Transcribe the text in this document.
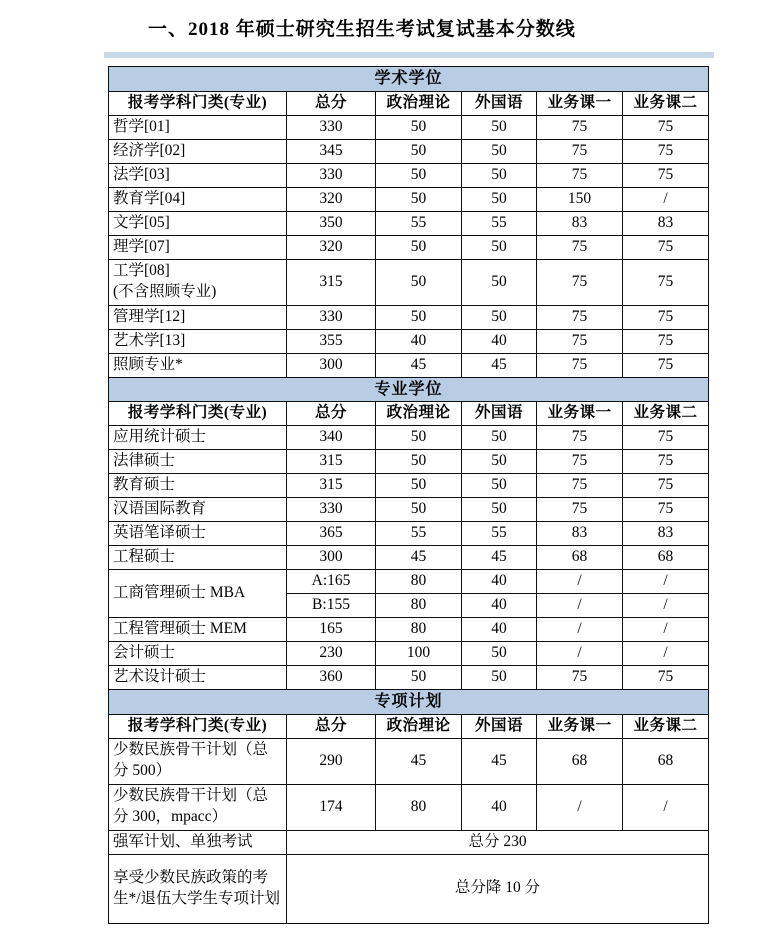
一、2018 年硕士研究生招生考试复试基本分数线
学术学位					
报考学科门类(专业)	总分	政治理论	外国语	业务课一	业务课二
哲学[01]	330	50	50	75	75
经济学[02]	345	50	50	75	75
法学[03]	330	50	50	75	75
教育学[04]	320	50	50	150	/
文学[05]	350	55	55	83	83
理学[07]	320	50	50	75	75

工学[08]
(不含照顾专业)	315	50	50	75	75
管理学[12]	330	50	50	75	75
艺术学[13]	355	40	40	75	75
照顾专业*	300	45	45	75	75
专业学位					
报考学科门类(专业)	总分	政治理论	外国语	业务课一	业务课二
应用统计硕士	340	50	50	75	75
法律硕士	315	50	50	75	75
教育硕士	315	50	50	75	75
汉语国际教育	330	50	50	75	75
英语笔译硕士	365	55	55	83	83
工程硕士	300	45	45	68	68
工商管理硕士 MBA	A:165	80	40	/	/
	B:155	80	40	/	/
工程管理硕士 MEM	165	80	40	/	/
会计硕士	230	100	50	/	/
艺术设计硕士	360	50	50	75	75
专项计划					
报考学科门类(专业)	总分	政治理论	外国语	业务课一	业务课二
少数民族骨干计划（总分 500）	290	45	45	68	68
少数民族骨干计划（总分 300，mpacc）	174	80	40	/	/
强军计划、单独考试	总分 230				
享受少数民族政策的考生*/退伍大学生专项计划	总分降 10 分				
